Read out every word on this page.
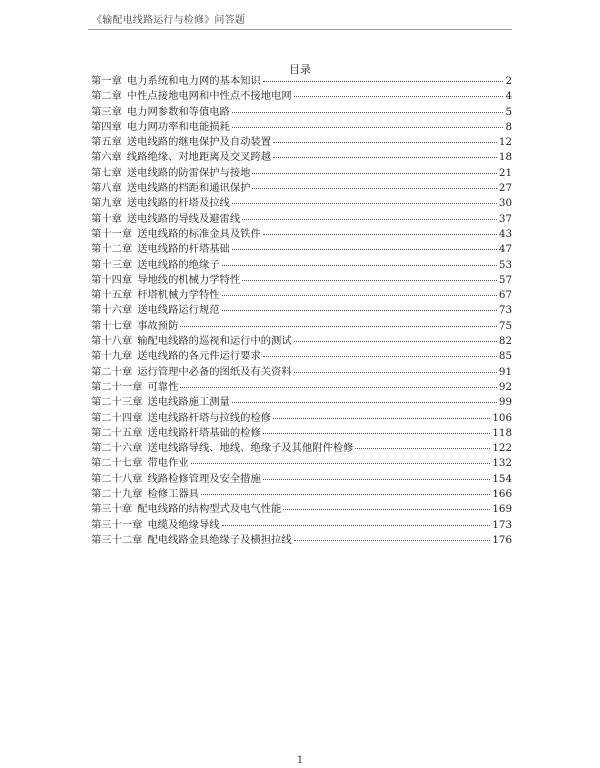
《输配电线路运行与检修》问答题
目录
第一章 电力系统和电力网的基本知识	2
第二章 中性点接地电网和中性点不接地电网	4
第三章 电力网参数和等值电路	5
第四章 电力网功率和电能损耗	8
第五章 送电线路的继电保护及自动装置	12
第六章 线路绝缘、对地距离及交叉跨越	18
第七章 送电线路的防雷保护与接地	21
第八章 送电线路的档距和通讯保护	27
第九章 送电线路的杆塔及拉线	30
第十章 送电线路的导线及避雷线	37
第十一章 送电线路的标准金具及铁件	43
第十二章 送电线路的杆塔基础	47
第十三章 送电线路的绝缘子	53
第十四章 导地线的机械力学特性	57
第十五章 杆塔机械力学特性	67
第十六章 送电线路运行规范	73
第十七章 事故预防	75
第十八章 输配电线路的巡视和运行中的测试	82
第十九章 送电线路的各元件运行要求	85
第二十章 运行管理中必备的图纸及有关资料	91
第二十一章 可靠性	92
第二十三章 送电线路施工测量	99
第二十四章 送电线路杆塔与拉线的检修	106
第二十五章 送电线路杆塔基础的检修	118
第二十六章 送电线路导线、地线、绝缘子及其他附件检修	122
第二十七章 带电作业	132
第二十八章 线路检修管理及安全措施	154
第二十九章 检修工器具	166
第三十章 配电线路的结构型式及电气性能	169
第三十一章 电缆及绝缘导线	173
第三十二章 配电线路金具绝缘子及横担拉线	176
1
